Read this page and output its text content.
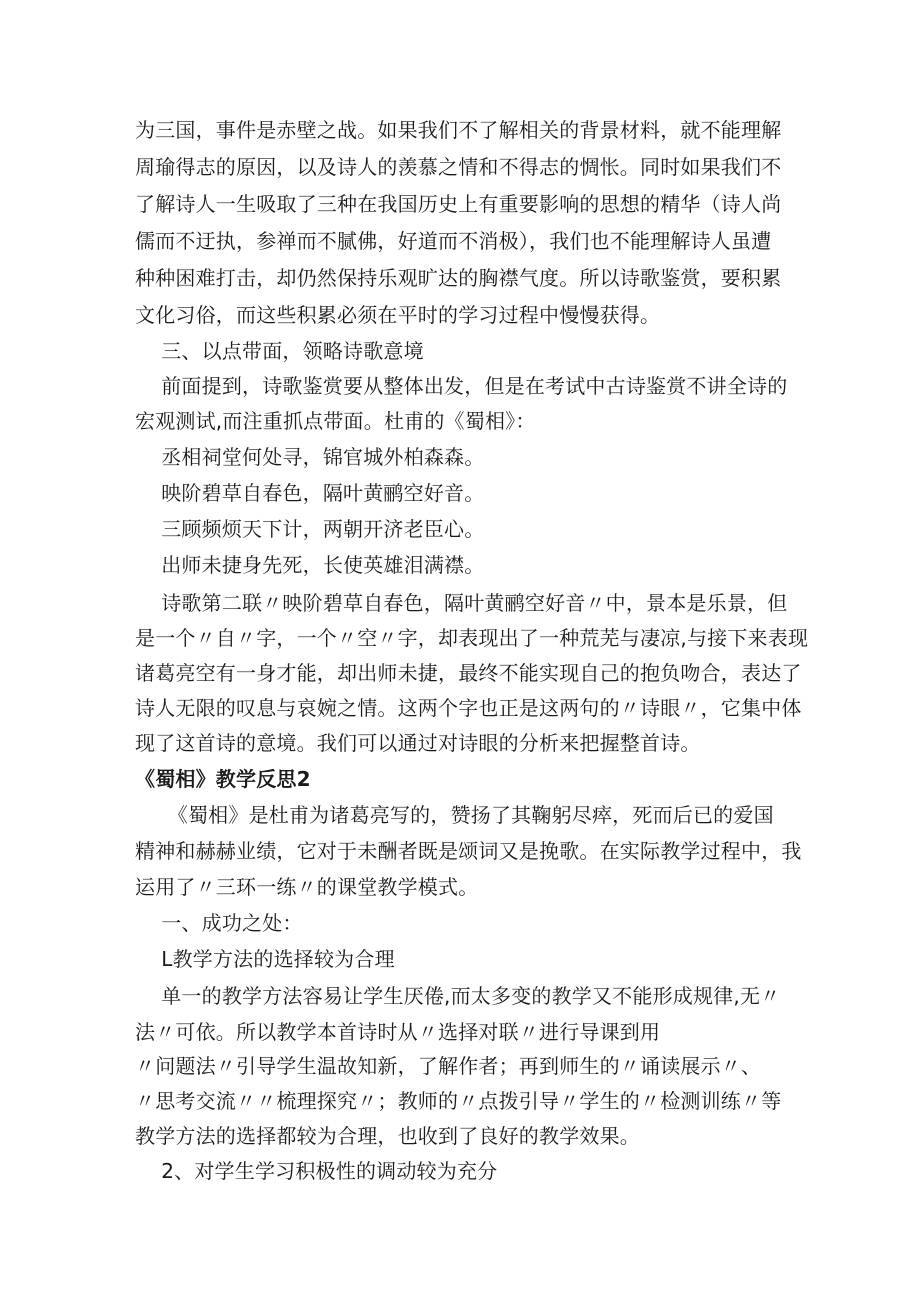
为三国，事件是赤壁之战。如果我们不了解相关的背景材料，就不能理解
周瑜得志的原因，以及诗人的羡慕之情和不得志的惆怅。同时如果我们不
了解诗人一生吸取了三种在我国历史上有重要影响的思想的精华（诗人尚
儒而不迂执，参禅而不腻佛，好道而不消极），我们也不能理解诗人虽遭
种种困难打击，却仍然保持乐观旷达的胸襟气度。所以诗歌鉴赏，要积累
文化习俗，而这些积累必须在平时的学习过程中慢慢获得。
三、以点带面，领略诗歌意境
前面提到，诗歌鉴赏要从整体出发，但是在考试中古诗鉴赏不讲全诗的
宏观测试,而注重抓点带面。杜甫的《蜀相》：
丞相祠堂何处寻，锦官城外柏森森。
映阶碧草自春色，隔叶黄鹂空好音。
三顾频烦天下计，两朝开济老臣心。
出师未捷身先死，长使英雄泪满襟。
诗歌第二联〃映阶碧草自春色，隔叶黄鹂空好音〃中，景本是乐景，但
是一个〃自〃字，一个〃空〃字，却表现出了一种荒芜与凄凉,与接下来表现
诸葛亮空有一身才能，却出师未捷，最终不能实现自己的抱负吻合，表达了
诗人无限的叹息与哀婉之情。这两个字也正是这两句的〃诗眼〃，它集中体
现了这首诗的意境。我们可以通过对诗眼的分析来把握整首诗。
《蜀相》教学反思2
《蜀相》是杜甫为诸葛亮写的，赞扬了其鞠躬尽瘁，死而后已的爱国
精神和赫赫业绩，它对于未酬者既是颂词又是挽歌。在实际教学过程中，我
运用了〃三环一练〃的课堂教学模式。
一、成功之处：
L教学方法的选择较为合理
单一的教学方法容易让学生厌倦,而太多变的教学又不能形成规律,无〃
法〃可依。所以教学本首诗时从〃选择对联〃进行导课到用
〃问题法〃引导学生温故知新，了解作者；再到师生的〃诵读展示〃、
〃思考交流〃〃梳理探究〃；教师的〃点拨引导〃学生的〃检测训练〃等
教学方法的选择都较为合理，也收到了良好的教学效果。
2、对学生学习积极性的调动较为充分
